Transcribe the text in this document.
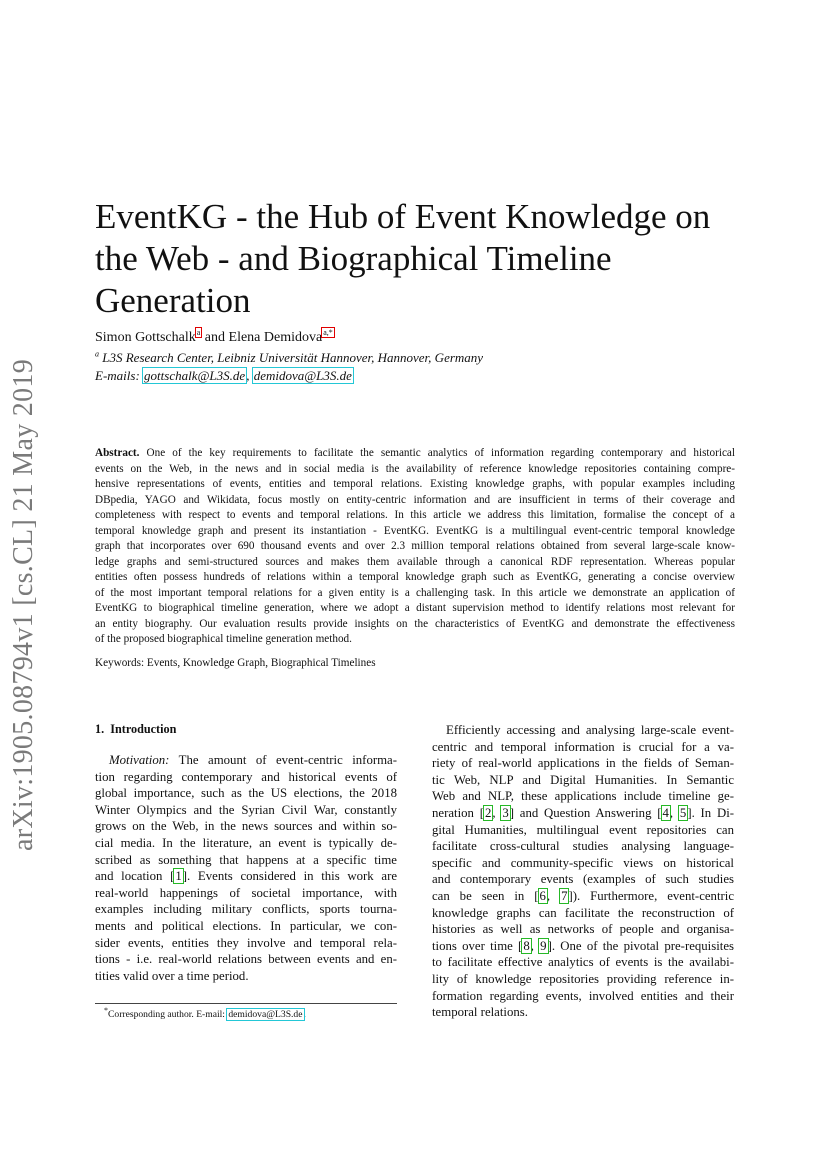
arXiv:1905.08794v1 [cs.CL] 21 May 2019
EventKG - the Hub of Event Knowledge on
the Web - and Biographical Timeline
Generation
Simon Gottschalk$^a$ and Elena Demidova$^{a,*}$
$^a$ L3S Research Center, Leibniz Universität Hannover, Hannover, Germany
E-mails: gottschalk@L3S.de, demidova@L3S.de
Abstract. One of the key requirements to facilitate the semantic analytics of information regarding contemporary and historical
events on the Web, in the news and in social media is the availability of reference knowledge repositories containing compre-
hensive representations of events, entities and temporal relations. Existing knowledge graphs, with popular examples including
DBpedia, YAGO and Wikidata, focus mostly on entity-centric information and are insufficient in terms of their coverage and
completeness with respect to events and temporal relations. In this article we address this limitation, formalise the concept of a
temporal knowledge graph and present its instantiation - EventKG. EventKG is a multilingual event-centric temporal knowledge
graph that incorporates over 690 thousand events and over 2.3 million temporal relations obtained from several large-scale know-
ledge graphs and semi-structured sources and makes them available through a canonical RDF representation. Whereas popular
entities often possess hundreds of relations within a temporal knowledge graph such as EventKG, generating a concise overview
of the most important temporal relations for a given entity is a challenging task. In this article we demonstrate an application of
EventKG to biographical timeline generation, where we adopt a distant supervision method to identify relations most relevant for
an entity biography. Our evaluation results provide insights on the characteristics of EventKG and demonstrate the effectiveness
of the proposed biographical timeline generation method.
Keywords: Events, Knowledge Graph, Biographical Timelines
1. Introduction
Motivation: The amount of event-centric informa-
tion regarding contemporary and historical events of
global importance, such as the US elections, the 2018
Winter Olympics and the Syrian Civil War, constantly
grows on the Web, in the news sources and within so-
cial media. In the literature, an event is typically de-
scribed as something that happens at a specific time
and location [1]. Events considered in this work are
real-world happenings of societal importance, with
examples including military conflicts, sports tourna-
ments and political elections. In particular, we con-
sider events, entities they involve and temporal rela-
tions - i.e. real-world relations between events and en-
tities valid over a time period.
Efficiently accessing and analysing large-scale event-
centric and temporal information is crucial for a va-
riety of real-world applications in the fields of Seman-
tic Web, NLP and Digital Humanities. In Semantic
Web and NLP, these applications include timeline ge-
neration [2, 3] and Question Answering [4, 5]. In Di-
gital Humanities, multilingual event repositories can
facilitate cross-cultural studies analysing language-
specific and community-specific views on historical
and contemporary events (examples of such studies
can be seen in [6, 7]). Furthermore, event-centric
knowledge graphs can facilitate the reconstruction of
histories as well as networks of people and organisa-
tions over time [8, 9]. One of the pivotal pre-requisites
to facilitate effective analytics of events is the availabi-
lity of knowledge repositories providing reference in-
formation regarding events, involved entities and their
temporal relations.
*Corresponding author. E-mail: demidova@L3S.de.
